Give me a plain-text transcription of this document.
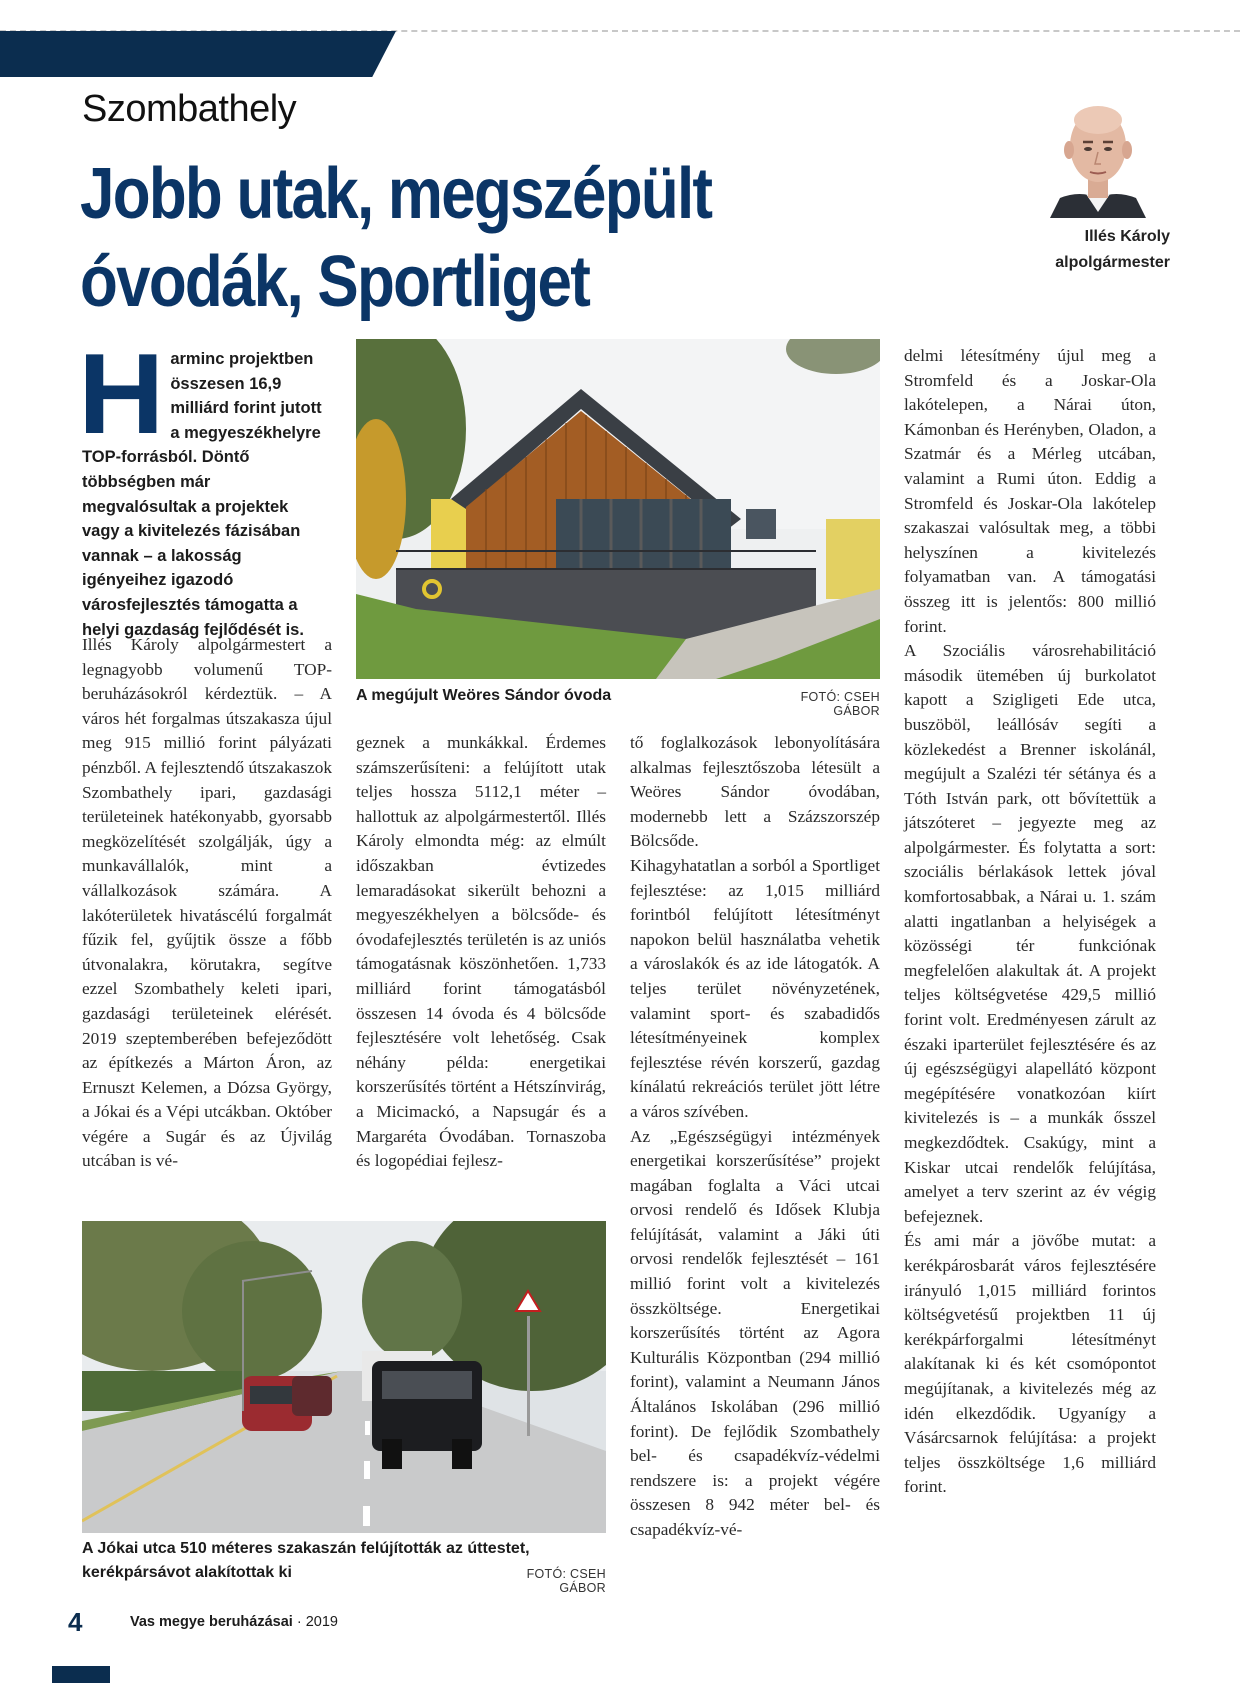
Szombathely
Jobb utak, megszépült
óvodák, Sportliget
Illés Károly
alpolgármester
H arminc projektben összesen 16,9 milliárd forint jutott a megyeszékhelyre TOP-forrásból. Döntő többségben már megvalósultak a projektek vagy a kivitelezés fázisában vannak – a lakosság igényeihez igazodó városfejlesztés támogatta a helyi gazdaság fejlődését is.

Illés Károly alpolgármestert a legnagyobb volumenű TOP-beruházásokról kérdeztük. – A város hét forgalmas útszakasza újul meg 915 millió forint pályázati pénzből. A fejlesztendő útszakaszok Szombathely ipari, gazdasági területeinek hatékonyabb, gyorsabb megközelítését szolgálják, úgy a munkavállalók, mint a vállalkozások számára. A lakóterületek hivatáscélú forgalmát fűzik fel, gyűjtik össze a főbb útvonalakra, körutakra, segítve ezzel Szombathely keleti ipari, gazdasági területeinek elérését. 2019 szeptemberében befejeződött az építkezés a Márton Áron, az Ernuszt Kelemen, a Dózsa György, a Jókai és a Vépi utcákban. Október végére a Sugár és az Újvilág utcában is vé-

A megújult Weöres Sándor óvoda	FOTÓ: CSEH GÁBOR

geznek a munkákkal. Érdemes számszerűsíteni: a felújított utak teljes hossza 5112,1 méter – hallottuk az alpolgármestertől. Illés Károly elmondta még: az elmúlt időszakban évtizedes lemaradásokat sikerült behozni a megyeszékhelyen a bölcsőde- és óvodafejlesztés területén is az uniós támogatásnak köszönhetően. 1,733 milliárd forint támogatásból összesen 14 óvoda és 4 bölcsőde fejlesztésére volt lehetőség. Csak néhány példa: energetikai korszerűsítés történt a Hétszínvirág, a Micimackó, a Napsugár és a Margaréta Óvodában. Tornaszoba és logopédiai fejlesz-

tő foglalkozások lebonyolítására alkalmas fejlesztőszoba létesült a Weöres Sándor óvodában, modernebb lett a Százszorszép Bölcsőde.

Kihagyhatatlan a sorból a Sportliget fejlesztése: az 1,015 milliárd forintból felújított létesítményt napokon belül használatba vehetik a városlakók és az ide látogatók. A teljes terület növényzetének, valamint sport- és szabadidős létesítményeinek komplex fejlesztése révén korszerű, gazdag kínálatú rekreációs terület jött létre a város szívében.

Az „Egészségügyi intézmények energetikai korszerűsítése” projekt magában foglalta a Váci utcai orvosi rendelő és Idősek Klubja felújítását, valamint a Jáki úti orvosi rendelők fejlesztését – 161 millió forint volt a kivitelezés összköltsége. Energetikai korszerűsítés történt az Agora Kulturális Központban (294 millió forint), valamint a Neumann János Általános Iskolában (296 millió forint). De fejlődik Szombathely bel- és csapadékvíz-védelmi rendszere is: a projekt végére összesen 8 942 méter bel- és csapadékvíz-vé-

delmi létesítmény újul meg a Stromfeld és a Joskar-Ola lakótelepen, a Nárai úton, Kámonban és Herényben, Oladon, a Szatmár és a Mérleg utcában, valamint a Rumi úton. Eddig a Stromfeld és Joskar-Ola lakótelep szakaszai valósultak meg, a többi helyszínen a kivitelezés folyamatban van. A támogatási összeg itt is jelentős: 800 millió forint.

A Szociális városrehabilitáció második ütemében új burkolatot kapott a Szigligeti Ede utca, buszöböl, leállósáv segíti a közlekedést a Brenner iskolánál, megújult a Szalézi tér sétánya és a Tóth István park, ott bővítettük a játszóteret – jegyezte meg az alpolgármester. És folytatta a sort: szociális bérlakások lettek jóval komfortosabbak, a Nárai u. 1. szám alatti ingatlanban a helyiségek a közösségi tér funkciónak megfelelően alakultak át. A projekt teljes költségvetése 429,5 millió forint volt. Eredményesen zárult az északi iparterület fejlesztésére és az új egészségügyi alapellátó központ megépítésére vonatkozóan kiírt kivitelezés is – a munkák ősszel megkezdődtek. Csakúgy, mint a Kiskar utcai rendelők felújítása, amelyet a terv szerint az év végig befejeznek.

És ami már a jövőbe mutat: a kerékpárosbarát város fejlesztésére irányuló 1,015 milliárd forintos költségvetésű projektben 11 új kerékpárforgalmi létesítményt alakítanak ki és két csomópontot megújítanak, a kivitelezés még az idén elkezdődik. Ugyanígy a Vásárcsarnok felújítása: a projekt teljes összköltsége 1,6 milliárd forint.

A Jókai utca 510 méteres szakaszán felújították az úttestet,
kerékpársávot alakítottak ki	FOTÓ: CSEH GÁBOR
4	Vas megye beruházásai · 2019
